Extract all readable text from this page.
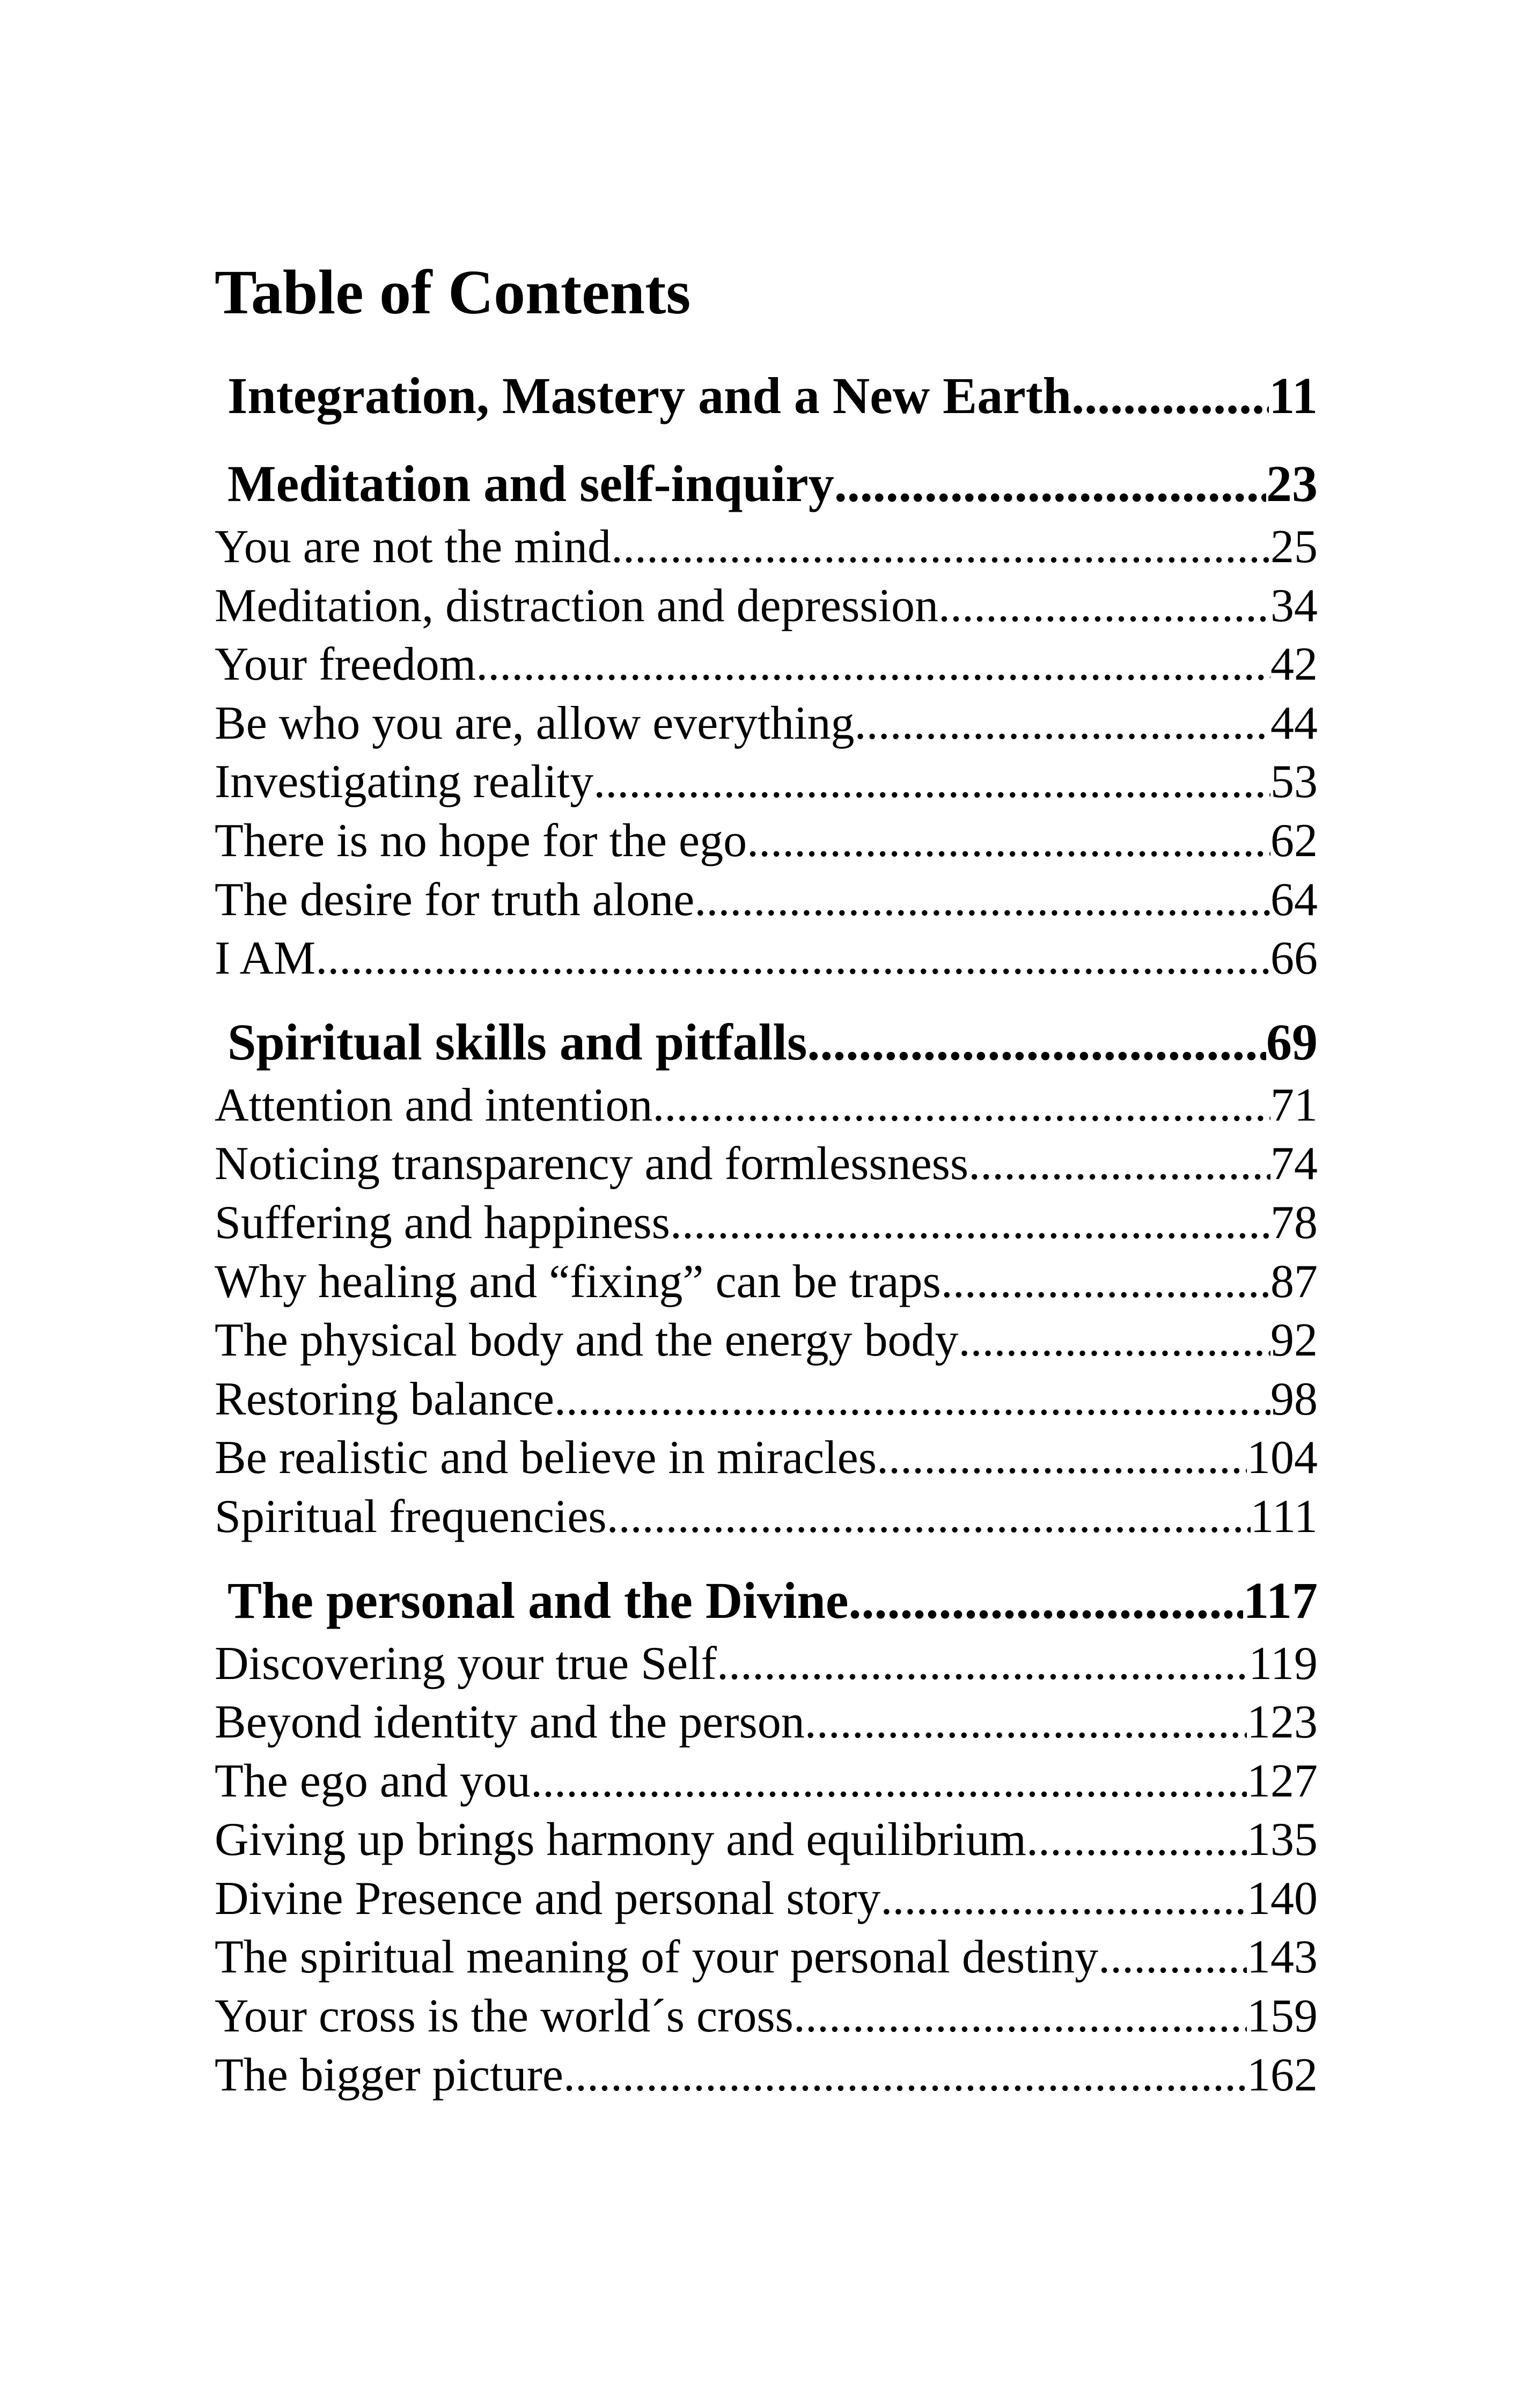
Table of Contents
Integration, Mastery and a New Earth .....	11
Meditation and self-inquiry .....	23
You are not the mind .....	25
Meditation, distraction and depression .....	34
Your freedom .....	42
Be who you are, allow everything .....	44
Investigating reality .....	53
There is no hope for the ego .....	62
The desire for truth alone .....	64
I AM .....	66
Spiritual skills and pitfalls .....	69
Attention and intention .....	71
Noticing transparency and formlessness .....	74
Suffering and happiness .....	78
Why healing and “fixing” can be traps .....	87
The physical body and the energy body .....	92
Restoring balance .....	98
Be realistic and believe in miracles .....	104
Spiritual frequencies .....	111
The personal and the Divine .....	117
Discovering your true Self .....	119
Beyond identity and the person .....	123
The ego and you .....	127
Giving up brings harmony and equilibrium .....	135
Divine Presence and personal story .....	140
The spiritual meaning of your personal destiny .....	143
Your cross is the world´s cross .....	159
The bigger picture .....	162
